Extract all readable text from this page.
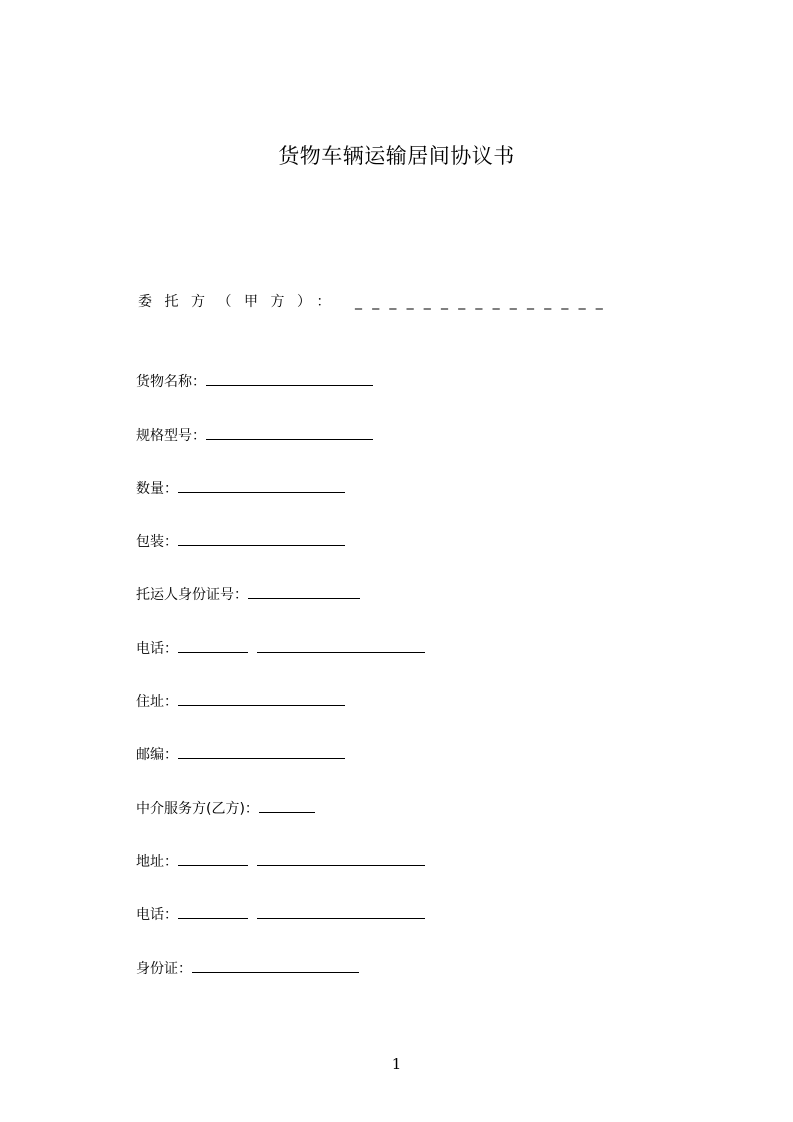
货物车辆运输居间协议书
委托方（甲方）： _______________
货物名称：
规格型号：
数量：
包装：
托运人身份证号：
电话：
住址：
邮编：
中介服务方(乙方)：
地址：
电话：
身份证：
1
